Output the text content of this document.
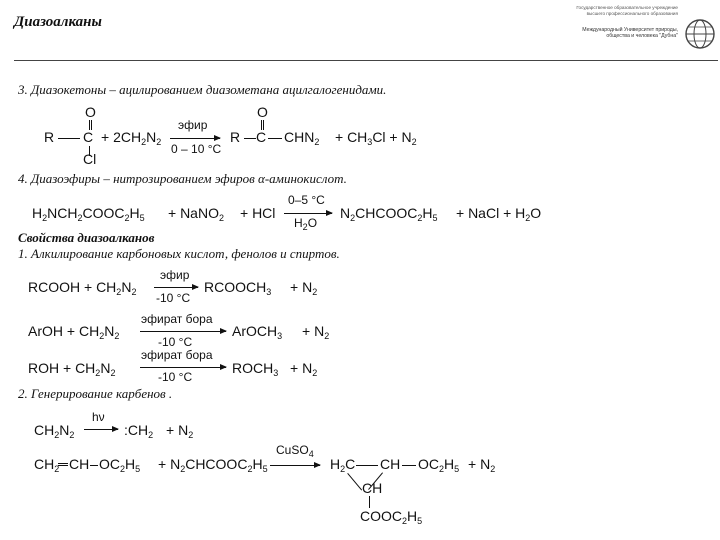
Диазоалканы
Государственное образовательное учреждение высшего профессионального образования
Международный Университет природы, общества и человека "Дубна"
3. Диазокетоны – ацилированием диазометана ацилгалогенидами.
O
R C
Cl
+ $2CH_2N_2$
эфир
0 – 10 °C
R
O
C $CHN_2 + CH_3Cl + N_2$
4. Диазоэфиры – нитрозированием эфиров α-аминокислот.
$H_2NCH_2COOC_2H_5$ + NaNO$_2$ + HCl
0–5 °C
$H_2O$
$N_2CHCOOC_2H_5$ + NaCl + $H_2O$
Свойства диазоалканов
1. Алкилирование карбоновых кислот, фенолов и спиртов.
RCOOH + $CH_2N_2$
эфир
-10 °C
$RCOOCH_3 + N_2$
ArOH + $CH_2N_2$
эфират бора
-10 °C
ArOCH$_3$ + $N_2$
ROH + $CH_2N_2$
эфират бора
-10 °C
$ROCH_3 + N_2$
2. Генерирование карбенов .
$CH_2N_2$
hν
$:CH_2 + N_2$
$CH_2$ CH $OC_2H_5$ + $N_2CHCOOC_2H_5$
CuSO$_4$
$H_2C$ CH $OC_2H_5 + N_2$
CH
$COOC_2H_5$
